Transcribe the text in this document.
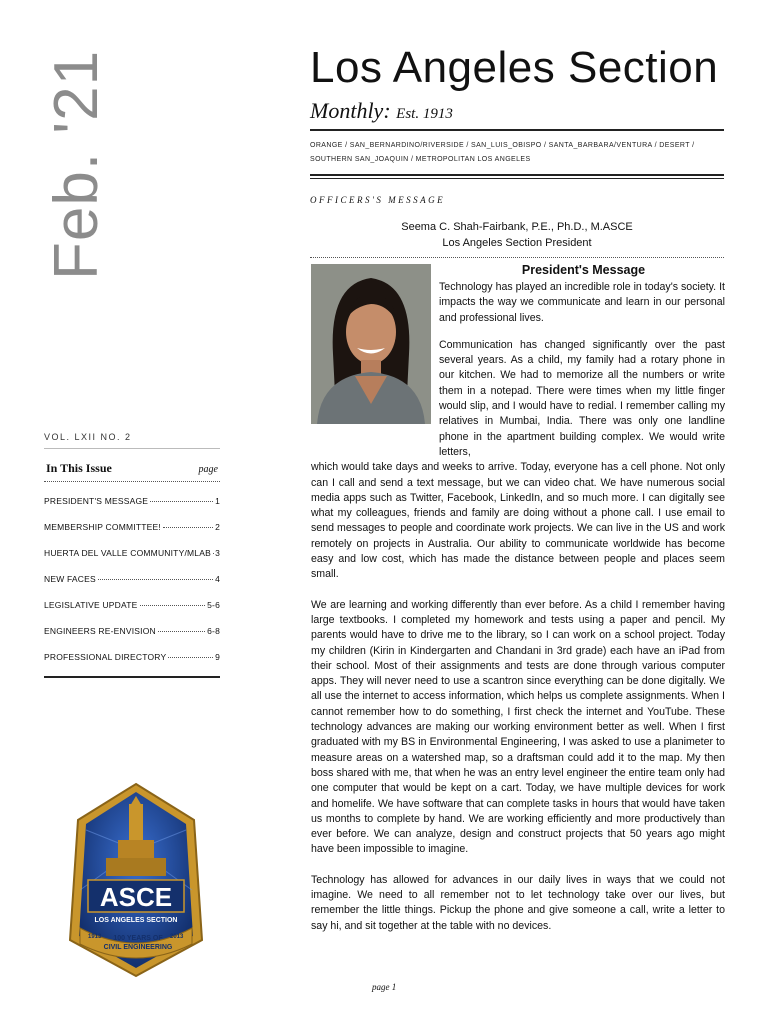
Feb. '21	Los Angeles Section
Monthly: Est. 1913
ORANGE / SAN_BERNARDINO/RIVERSIDE / SAN_LUIS_OBISPO / SANTA_BARBARA/VENTURA / DESERT /
SOUTHERN SAN_JOAQUIN / METROPOLITAN LOS ANGELES
OFFICERS'S MESSAGE
Seema C. Shah-Fairbank, P.E., Ph.D., M.ASCE
Los Angeles Section President
President's Message

Technology has played an incredible role in today's society. It impacts the way we communicate and learn in our personal and professional lives.

Communication has changed significantly over the past several years. As a child, my family had a rotary phone in our kitchen. We had to memorize all the numbers or write them in a notepad. There were times when my little finger would slip, and I would have to redial. I remember calling my relatives in Mumbai, India. There was only one landline phone in the apartment building complex. We would write letters,

which would take days and weeks to arrive. Today, everyone has a cell phone. Not only can I call and send a text message, but we can video chat. We have numerous social media apps such as Twitter, Facebook, LinkedIn, and so much more. I can digitally see what my colleagues, friends and family are doing without a phone call. I use email to send messages to people and coordinate work projects. We can live in the US and work remotely on projects in Australia. Our ability to communicate worldwide has become easy and low cost, which has made the distance between people and places seem small.

We are learning and working differently than ever before. As a child I remember having large textbooks. I completed my homework and tests using a paper and pencil. My parents would have to drive me to the library, so I can work on a school project. Today my children (Kirin in Kindergarten and Chandani in 3rd grade) each have an iPad from their school. Most of their assignments and tests are done through various computer apps. They will never need to use a scantron since everything can be done digitally. We all use the internet to access information, which helps us complete assignments. When I cannot remember how to do something, I first check the internet and YouTube. These technology advances are making our working environment better as well. When I first graduated with my BS in Environmental Engineering, I was asked to use a planimeter to measure areas on a watershed map, so a draftsman could add it to the map. My then boss shared with me, that when he was an entry level engineer the entire team only had one computer that would be kept on a cart. Today, we have multiple devices for work and homelife. We have software that can complete tasks in hours that would have taken us months to complete by hand. We are working efficiently and more productively than ever before. We can analyze, design and construct projects that 50 years ago might have been impossible to imagine.

Technology has allowed for advances in our daily lives in ways that we could not imagine. We need to all remember not to let technology take over our lives, but remember the little things. Pickup the phone and give someone a call, write a letter to say hi, and sit together at the table with no devices.

VOL. LXII NO. 2
In This Issue	page
PRESIDENT'S MESSAGE	1
MEMBERSHIP COMMITTEE!	2
HUERTA DEL VALLE COMMUNITY/MLAB 3
NEW FACES	4
LEGISLATIVE UPDATE	5-6
ENGINEERS RE-ENVISION	6-8
PROFESSIONAL DIRECTORY	9
ASCE
LOS ANGELES SECTION
100 YEARS OF
CIVIL ENGINEERING
1913	2013
page 1
